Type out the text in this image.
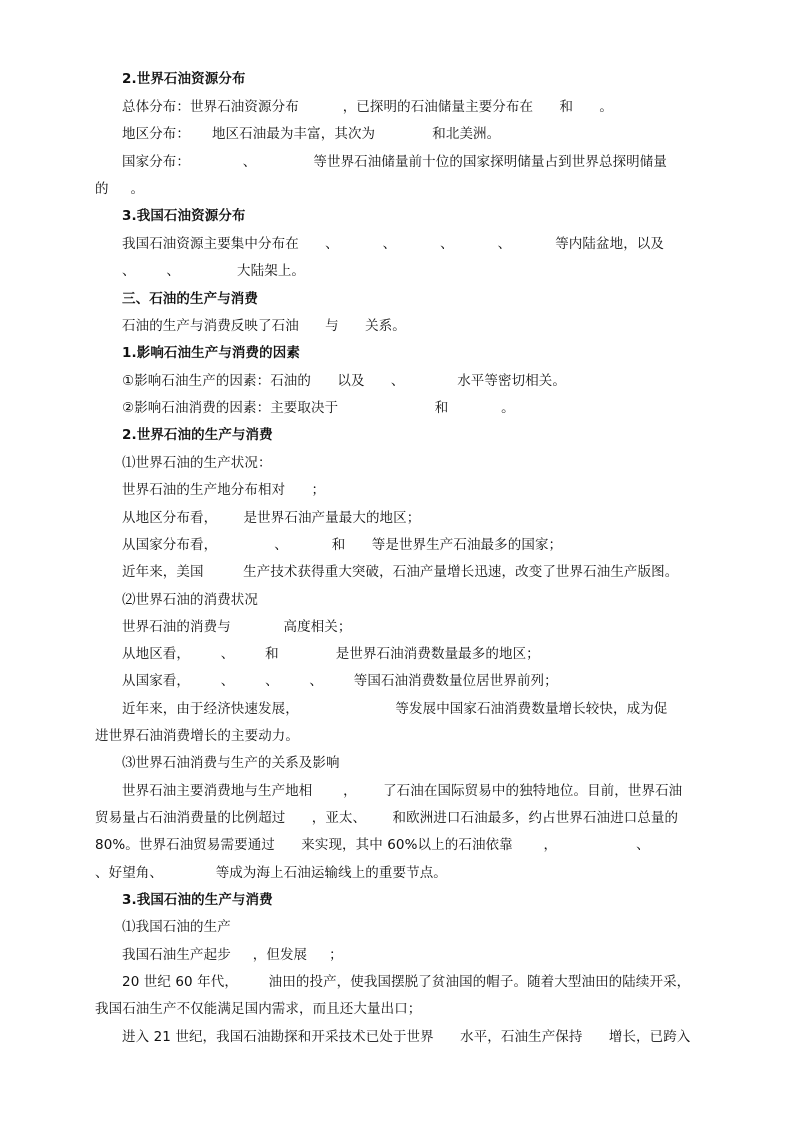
2.世界石油资源分布
总体分布：世界石油资源分布          ，已探明的石油储量主要分布在      和      。
地区分布：     地区石油最为丰富，其次为             和北美洲。
国家分布：            、             等世界石油储量前十位的国家探明储量占到世界总探明储量
的     。
3.我国石油资源分布
我国石油资源主要集中分布在      、          、          、          、          等内陆盆地，以及
、       、             大陆架上。
三、石油的生产与消费
石油的生产与消费反映了石油      与      关系。
1.影响石油生产与消费的因素
①影响石油生产的因素：石油的      以及      、            水平等密切相关。
②影响石油消费的因素：主要取决于                      和            。
2.世界石油的生产与消费
⑴世界石油的生产状况：
世界石油的生产地分布相对      ；
从地区分布看，      是世界石油产量最大的地区；
从国家分布看，             、          和      等是世界生产石油最多的国家；
近年来，美国         生产技术获得重大突破，石油产量增长迅速，改变了世界石油生产版图。
⑵世界石油的消费状况
世界石油的消费与            高度相关；
从地区看，       、       和             是世界石油消费数量最多的地区；
从国家看，       、       、       、       等国石油消费数量位居世界前列；
近年来，由于经济快速发展，                      等发展中国家石油消费数量增长较快，成为促
进世界石油消费增长的主要动力。
⑶世界石油消费与生产的关系及影响
世界石油主要消费地与生产地相       ，      了石油在国际贸易中的独特地位。目前，世界石油
贸易量占石油消费量的比例超过      ，亚太、      和欧洲进口石油最多，约占世界石油进口总量的
80%。世界石油贸易需要通过      来实现，其中 60%以上的石油依靠       ，                  、
、好望角、            等成为海上石油运输线上的重要节点。
3.我国石油的生产与消费
⑴我国石油的生产
我国石油生产起步     ，但发展     ；
20 世纪 60 年代，       油田的投产，使我国摆脱了贫油国的帽子。随着大型油田的陆续开采，
我国石油生产不仅能满足国内需求，而且还大量出口；
进入 21 世纪，我国石油勘探和开采技术已处于世界      水平，石油生产保持      增长，已跨入
